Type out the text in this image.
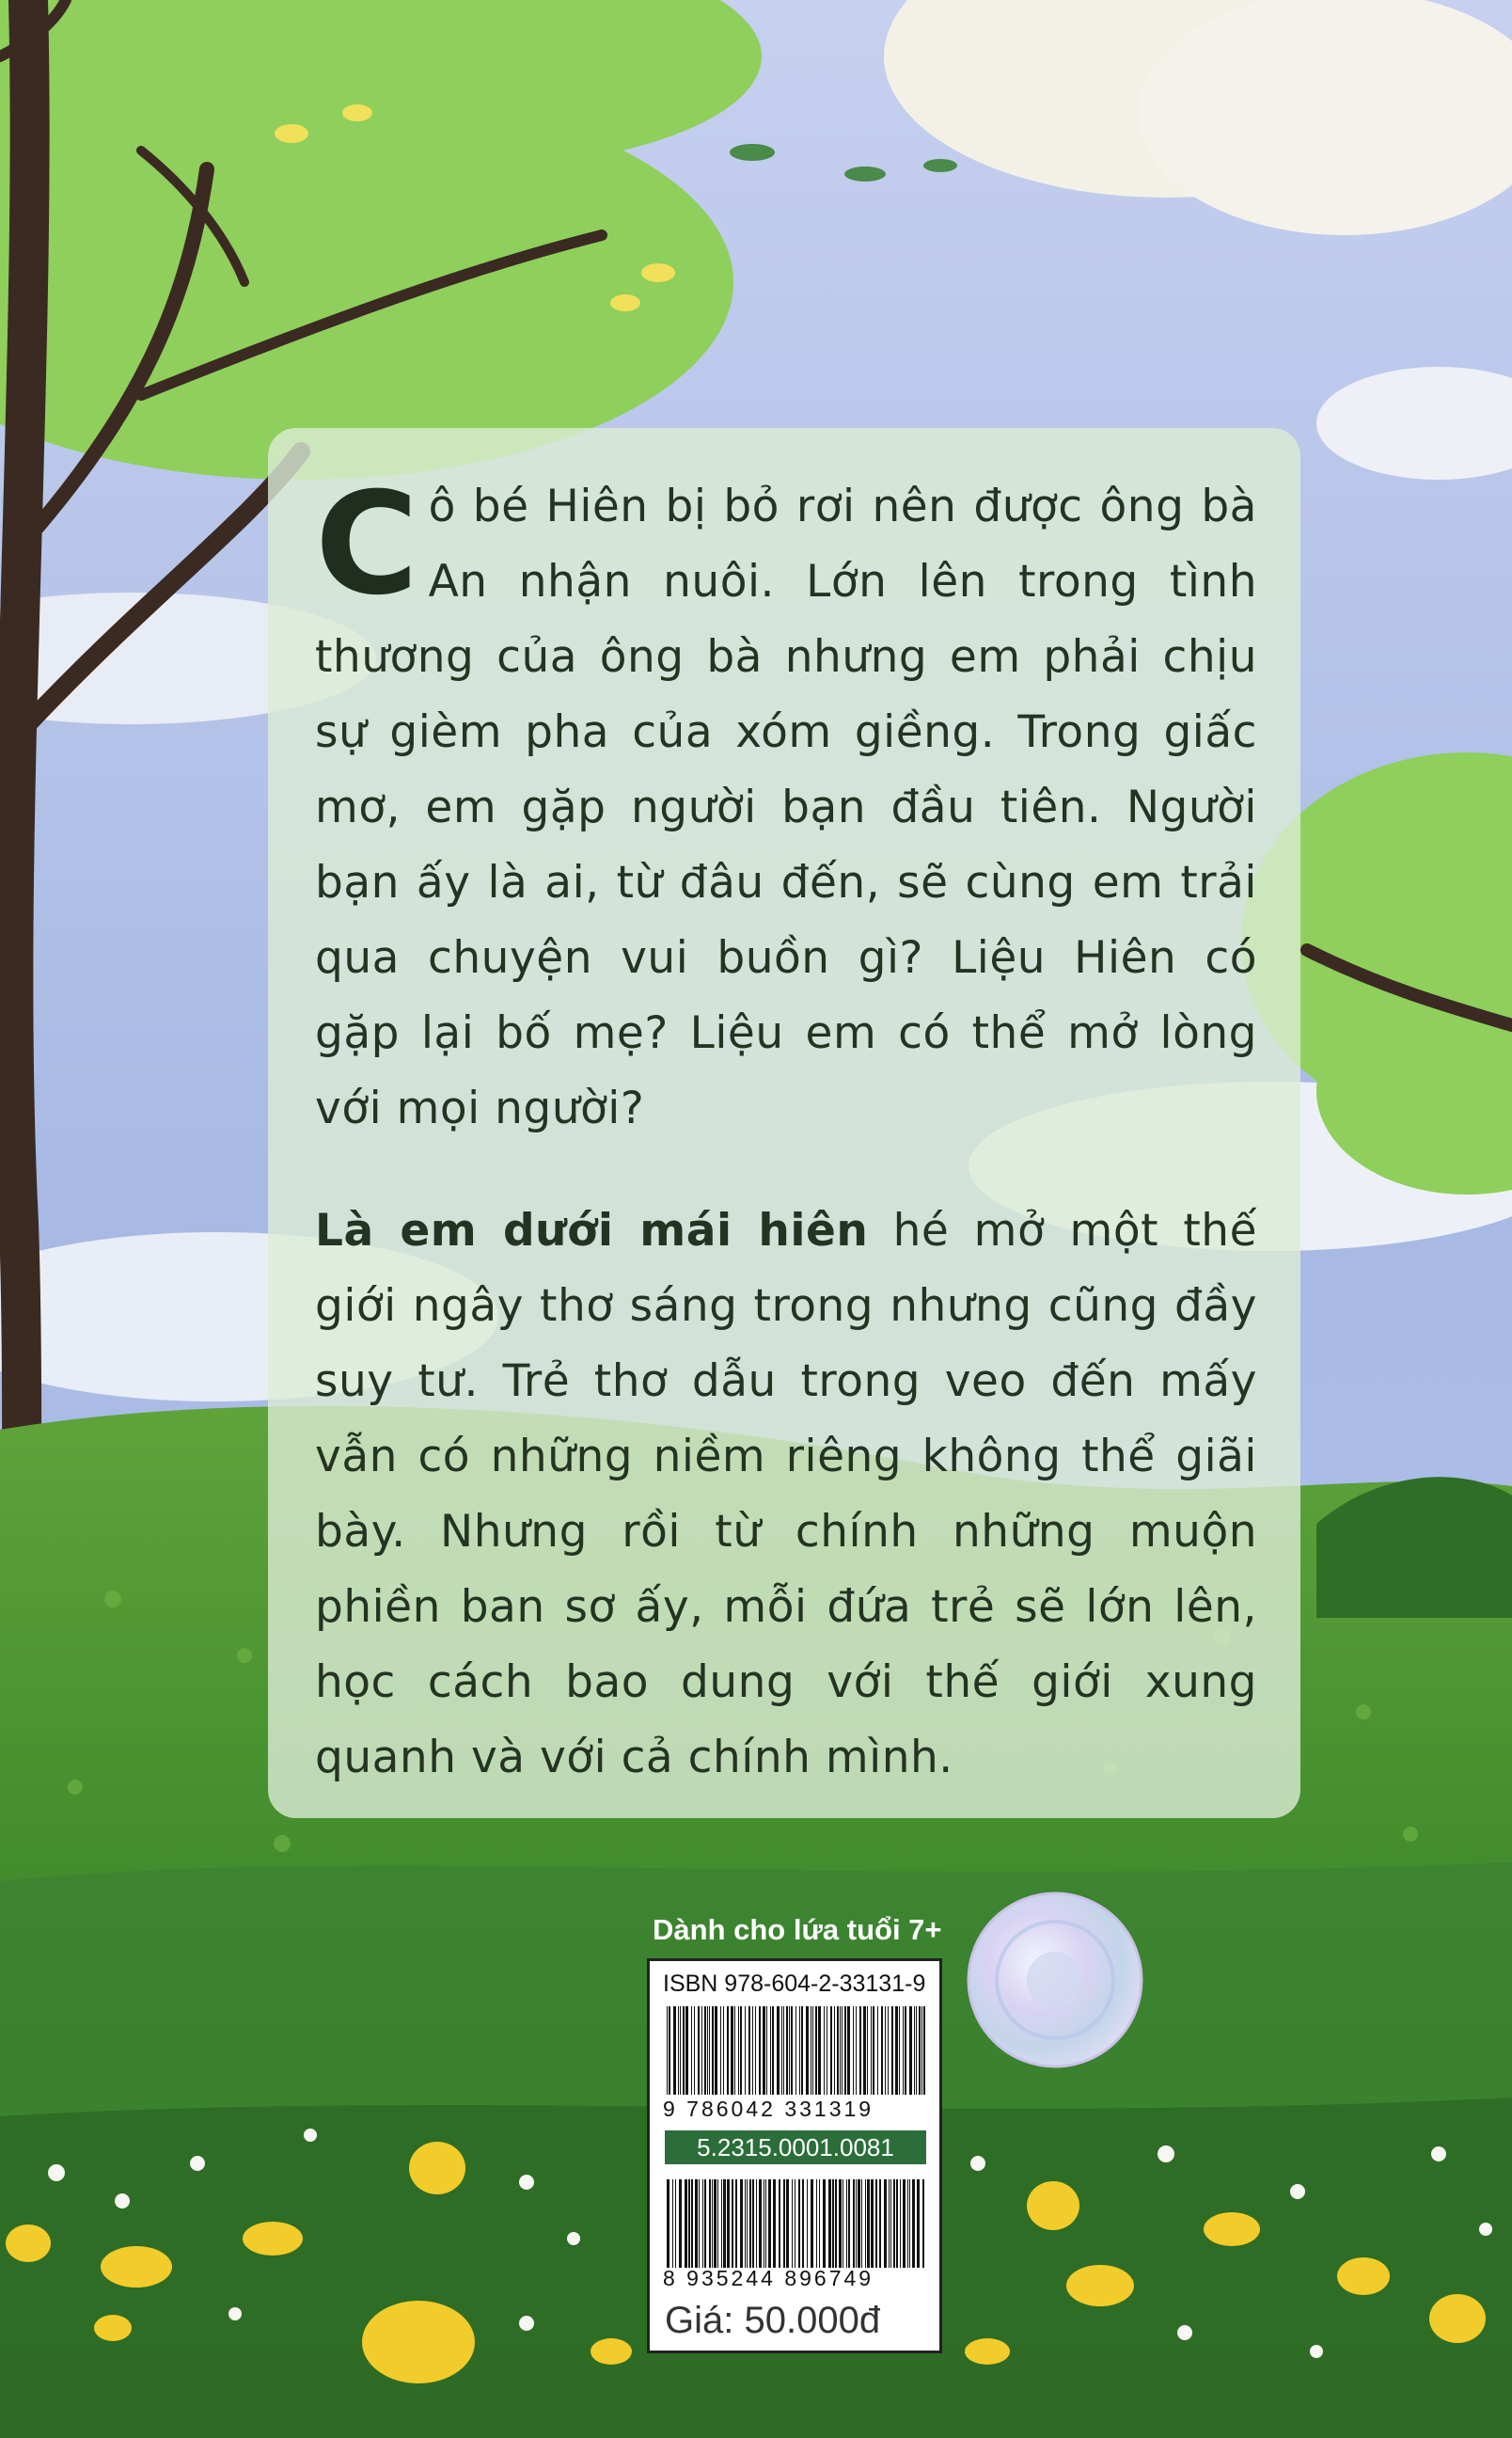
Cô bé Hiên bị bỏ rơi nên được ông bà An nhận nuôi. Lớn lên trong tình thương của ông bà nhưng em phải chịu sự gièm pha của xóm giềng. Trong giấc mơ, em gặp người bạn đầu tiên. Người bạn ấy là ai, từ đâu đến, sẽ cùng em trải qua chuyện vui buồn gì? Liệu Hiên có gặp lại bố mẹ? Liệu em có thể mở lòng với mọi người?

Là em dưới mái hiên hé mở một thế giới ngây thơ sáng trong nhưng cũng đầy suy tư. Trẻ thơ dẫu trong veo đến mấy vẫn có những niềm riêng không thể giãi bày. Nhưng rồi từ chính những muộn phiền ban sơ ấy, mỗi đứa trẻ sẽ lớn lên, học cách bao dung với thế giới xung quanh và với cả chính mình.

Dành cho lứa tuổi 7+
ISBN 978-604-2-33131-9
9 786042 331319
5.2315.0001.0081
8 935244 896749
Giá: 50.000đ
